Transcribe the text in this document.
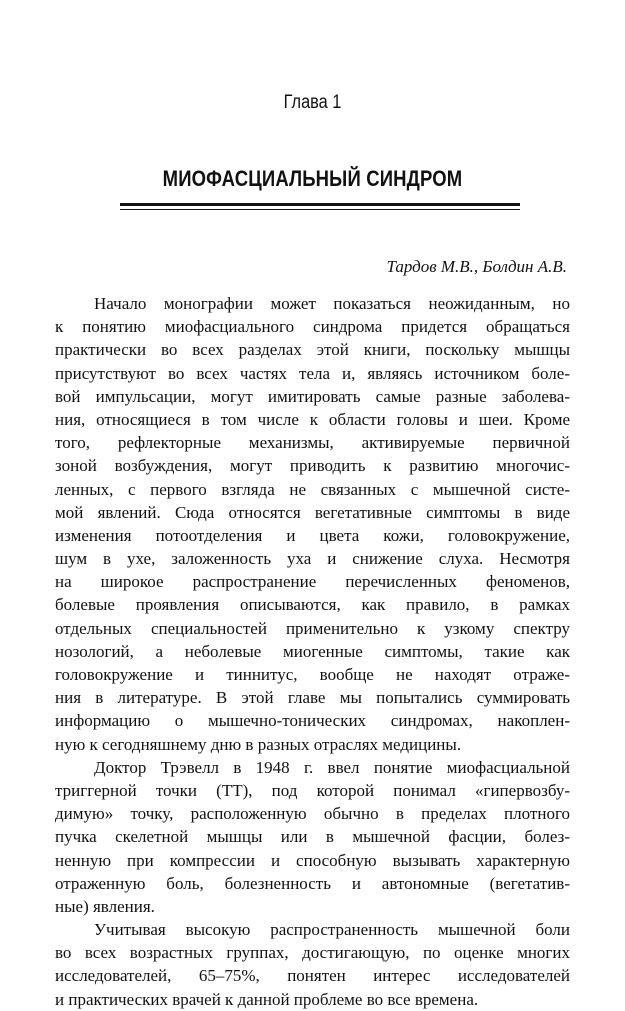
Глава 1
МИОФАСЦИАЛЬНЫЙ СИНДРОМ
Тардов М.В., Болдин А.В.
Начало монографии может показаться неожиданным, но
к понятию миофасциального синдрома придется обращаться
практически во всех разделах этой книги, поскольку мышцы
присутствуют во всех частях тела и, являясь источником боле-
вой импульсации, могут имитировать самые разные заболева-
ния, относящиеся в том числе к области головы и шеи. Кроме
того, рефлекторные механизмы, активируемые первичной
зоной возбуждения, могут приводить к развитию многочис-
ленных, с первого взгляда не связанных с мышечной систе-
мой явлений. Сюда относятся вегетативные симптомы в виде
изменения потоотделения и цвета кожи, головокружение,
шум в ухе, заложенность уха и снижение слуха. Несмотря
на широкое распространение перечисленных феноменов,
болевые проявления описываются, как правило, в рамках
отдельных специальностей применительно к узкому спектру
нозологий, а неболевые миогенные симптомы, такие как
головокружение и тиннитус, вообще не находят отраже-
ния в литературе. В этой главе мы попытались суммировать
информацию о мышечно-тонических синдромах, накоплен-
ную к сегодняшнему дню в разных отраслях медицины.
Доктор Трэвелл в 1948 г. ввел понятие миофасциальной
триггерной точки (ТТ), под которой понимал «гипервозбу-
димую» точку, расположенную обычно в пределах плотного
пучка скелетной мышцы или в мышечной фасции, болез-
ненную при компрессии и способную вызывать характерную
отраженную боль, болезненность и автономные (вегетатив-
ные) явления.
Учитывая высокую распространенность мышечной боли
во всех возрастных группах, достигающую, по оценке многих
исследователей, 65–75%, понятен интерес исследователей
и практических врачей к данной проблеме во все времена.
